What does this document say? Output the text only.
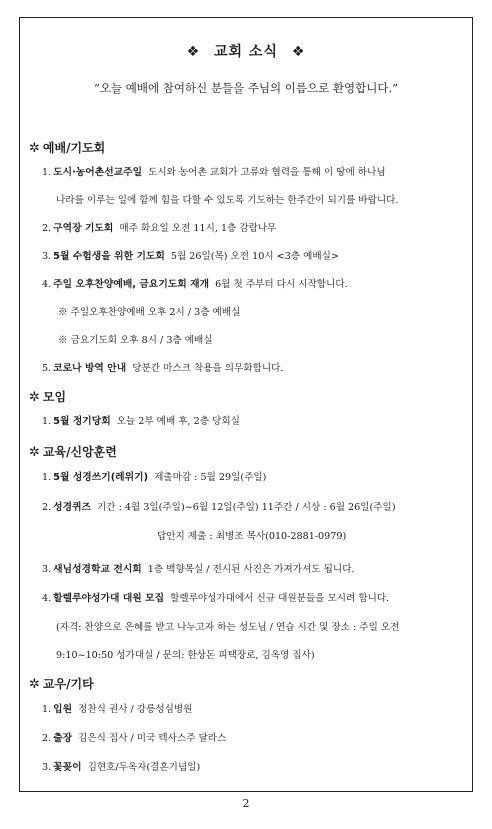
❖ 교회 소식 ❖
“오늘 예배에 참여하신 분들을 주님의 이름으로 환영합니다.”
✲ 예배/기도회
1. 도시·농어촌선교주일 도시와 농어촌 교회가 고류와 협력을 통해 이 땅에 하나님
나라를 이루는 일에 함께 힘을 다할 수 있도록 기도하는 한주간이 되기를 바랍니다.
2. 구역장 기도회 매주 화요일 오전 11시, 1층 감람나무
3. 5월 수험생을 위한 기도회 5월 26일(목) 오전 10시 <3층 예배실>
4. 주일 오후찬양예배, 금요기도회 재개 6월 첫 주부터 다시 시작합니다.
※ 주일오후찬양예배 오후 2시 / 3층 예배실
※ 금요기도회 오후 8시 / 3층 예배실
5. 코로나 방역 안내 당분간 마스크 착용을 의무화합니다.
✲ 모임
1. 5월 정기당회 오늘 2부 예배 후, 2층 당회실
✲ 교육/신앙훈련
1. 5월 성경쓰기(레위기) 제출마감 : 5월 29일(주일)
2. 성경퀴즈 기간 : 4월 3일(주일)~6월 12일(주일) 11주간 / 시상 : 6월 26일(주일)
답안지 제출 : 최병조 목사(010-2881-0979)
3. 새님성경학교 전시회 1층 백향목실 / 전시된 사진은 가져가셔도 됩니다.
4. 할렐루야성가대 대원 모집 할렐루야성가대에서 신규 대원분들을 모시려 합니다.
(자격: 찬양으로 은혜를 받고 나누고자 하는 성도님 / 연습 시간 및 장소 : 주일 오전
9:10~10:50 성가대실 / 문의: 한상돈 피택장로, 김옥영 집사)
✲ 교우/기타
1. 입원 정찬식 권사 / 강릉성심병원
2. 출장 김은식 집사 / 미국 텍사스주 달라스
3. 꽃꽂이 김현호/두옥자(결혼기념일)
2
